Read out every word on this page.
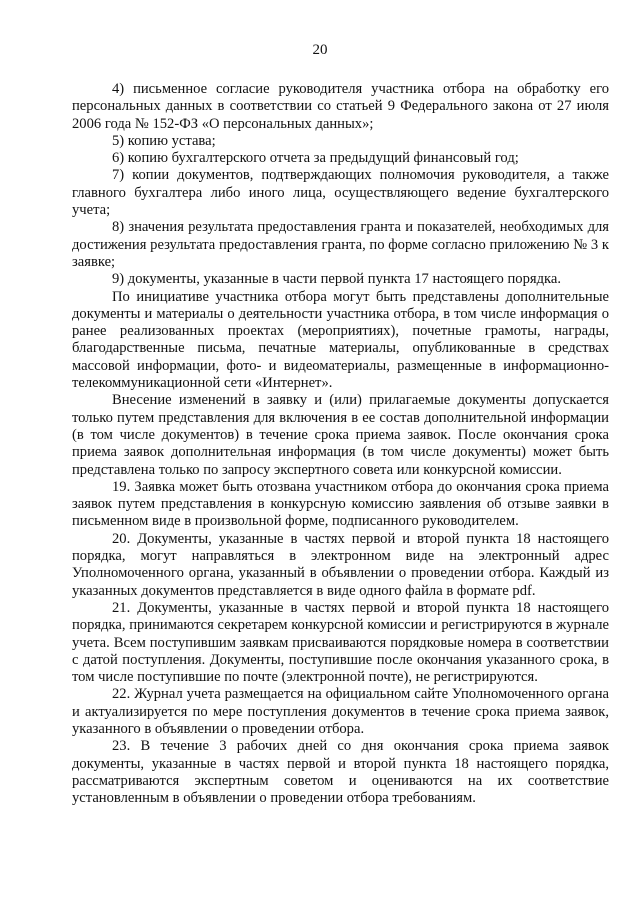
20

4) письменное согласие руководителя участника отбора на обработку его персональных данных в соответствии со статьей 9 Федерального закона от 27 июля 2006 года № 152-ФЗ «О персональных данных»;

5) копию устава;

6) копию бухгалтерского отчета за предыдущий финансовый год;

7) копии документов, подтверждающих полномочия руководителя, а также главного бухгалтера либо иного лица, осуществляющего ведение бухгалтерского учета;

8) значения результата предоставления гранта и показателей, необходимых для достижения результата предоставления гранта, по форме согласно приложению № 3 к заявке;

9) документы, указанные в части первой пункта 17 настоящего порядка.

По инициативе участника отбора могут быть представлены дополнительные документы и материалы о деятельности участника отбора, в том числе информация о ранее реализованных проектах (мероприятиях), почетные грамоты, награды, благодарственные письма, печатные материалы, опубликованные в средствах массовой информации, фото- и видеоматериалы, размещенные в информационно-телекоммуникационной сети «Интернет».

Внесение изменений в заявку и (или) прилагаемые документы допускается только путем представления для включения в ее состав дополнительной информации (в том числе документов) в течение срока приема заявок. После окончания срока приема заявок дополнительная информация (в том числе документы) может быть представлена только по запросу экспертного совета или конкурсной комиссии.

19. Заявка может быть отозвана участником отбора до окончания срока приема заявок путем представления в конкурсную комиссию заявления об отзыве заявки в письменном виде в произвольной форме, подписанного руководителем.

20. Документы, указанные в частях первой и второй пункта 18 настоящего порядка, могут направляться в электронном виде на электронный адрес Уполномоченного органа, указанный в объявлении о проведении отбора. Каждый из указанных документов представляется в виде одного файла в формате pdf.

21. Документы, указанные в частях первой и второй пункта 18 настоящего порядка, принимаются секретарем конкурсной комиссии и регистрируются в журнале учета. Всем поступившим заявкам присваиваются порядковые номера в соответствии с датой поступления. Документы, поступившие после окончания указанного срока, в том числе поступившие по почте (электронной почте), не регистрируются.

22. Журнал учета размещается на официальном сайте Уполномоченного органа и актуализируется по мере поступления документов в течение срока приема заявок, указанного в объявлении о проведении отбора.

23. В течение 3 рабочих дней со дня окончания срока приема заявок документы, указанные в частях первой и второй пункта 18 настоящего порядка, рассматриваются экспертным советом и оцениваются на их соответствие установленным в объявлении о проведении отбора требованиям.
